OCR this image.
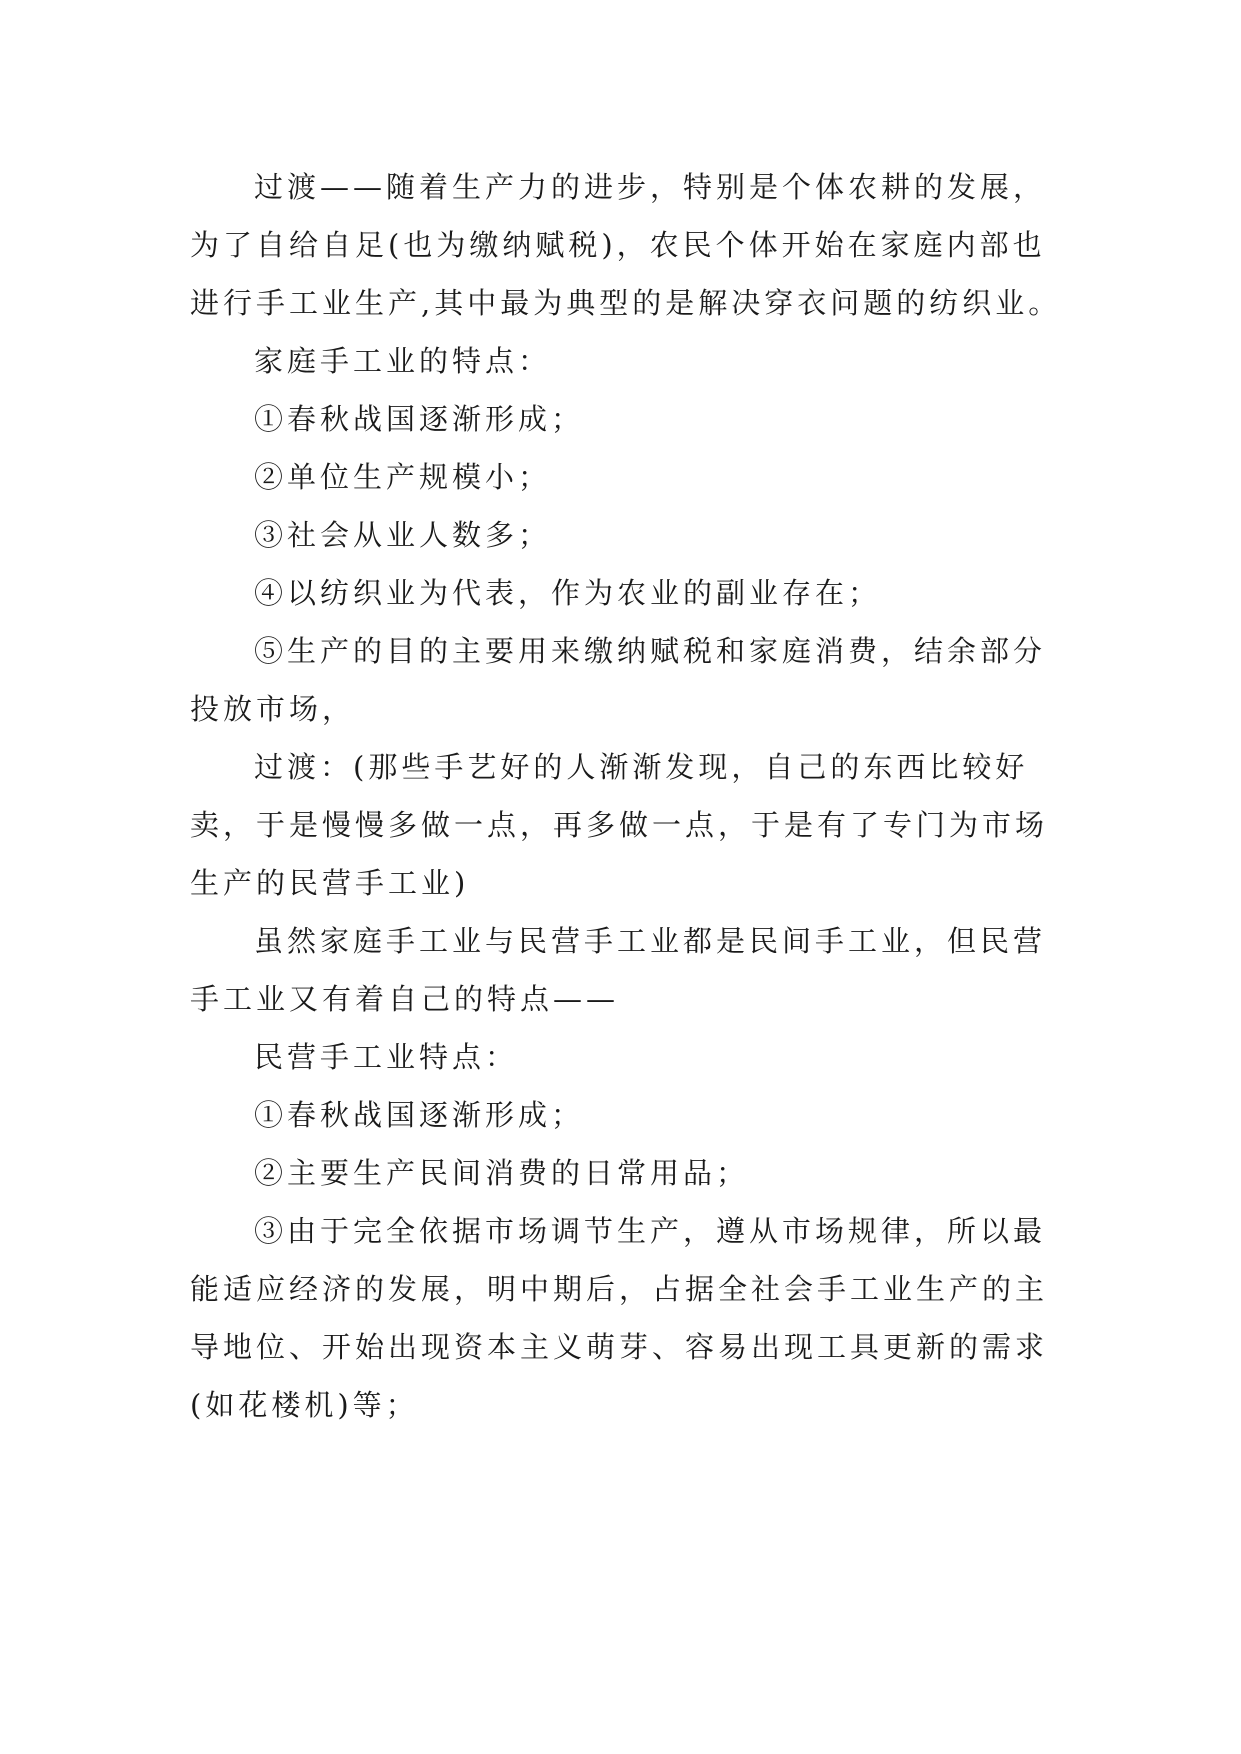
过渡——随着生产力的进步，特别是个体农耕的发展，
为了自给自足(也为缴纳赋税)，农民个体开始在家庭内部也
进行手工业生产,其中最为典型的是解决穿衣问题的纺织业。
家庭手工业的特点：
①春秋战国逐渐形成；
②单位生产规模小；
③社会从业人数多；
④以纺织业为代表，作为农业的副业存在；
⑤生产的目的主要用来缴纳赋税和家庭消费，结余部分
投放市场，
过渡：(那些手艺好的人渐渐发现，自己的东西比较好
卖，于是慢慢多做一点，再多做一点，于是有了专门为市场
生产的民营手工业)
虽然家庭手工业与民营手工业都是民间手工业，但民营
手工业又有着自己的特点——
民营手工业特点：
①春秋战国逐渐形成；
②主要生产民间消费的日常用品；
③由于完全依据市场调节生产，遵从市场规律，所以最
能适应经济的发展，明中期后，占据全社会手工业生产的主
导地位、开始出现资本主义萌芽、容易出现工具更新的需求
(如花楼机)等；
